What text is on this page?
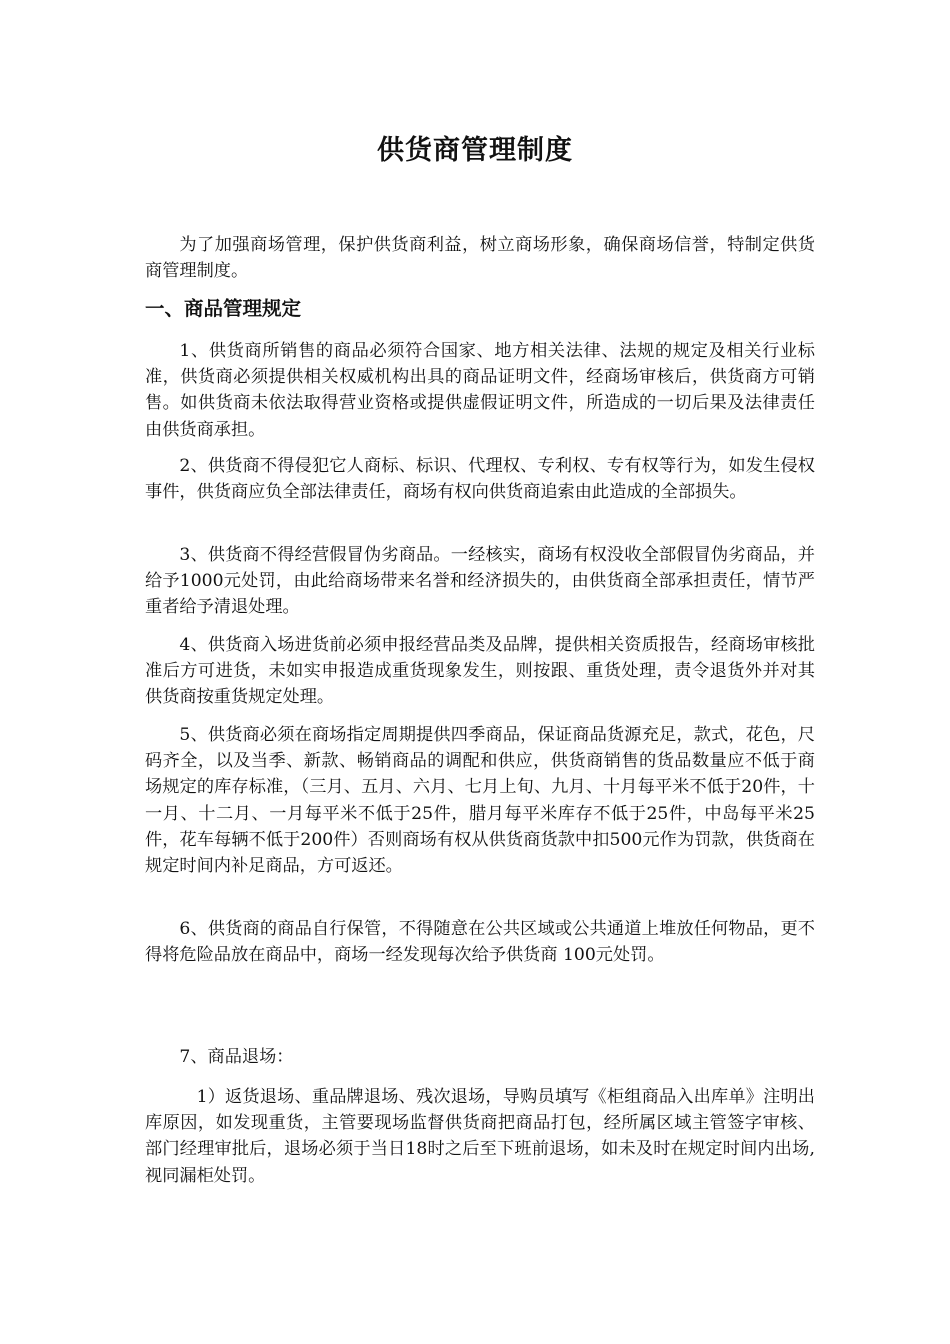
供货商管理制度

为了加强商场管理，保护供货商利益，树立商场形象，确保商场信誉，特制定供货商管理制度。

一、商品管理规定

1、供货商所销售的商品必须符合国家、地方相关法律、法规的规定及相关行业标准，供货商必须提供相关权威机构出具的商品证明文件，经商场审核后，供货商方可销售。如供货商未依法取得营业资格或提供虚假证明文件，所造成的一切后果及法律责任由供货商承担。

2、供货商不得侵犯它人商标、标识、代理权、专利权、专有权等行为，如发生侵权事件，供货商应负全部法律责任，商场有权向供货商追索由此造成的全部损失。

3、供货商不得经营假冒伪劣商品。一经核实，商场有权没收全部假冒伪劣商品，并给予1000元处罚，由此给商场带来名誉和经济损失的，由供货商全部承担责任，情节严重者给予清退处理。

4、供货商入场进货前必须申报经营品类及品牌，提供相关资质报告，经商场审核批准后方可进货，未如实申报造成重货现象发生，则按跟、重货处理，责令退货外并对其供货商按重货规定处理。

5、供货商必须在商场指定周期提供四季商品，保证商品货源充足，款式，花色，尺码齐全，以及当季、新款、畅销商品的调配和供应，供货商销售的货品数量应不低于商场规定的库存标准，（三月、五月、六月、七月上旬、九月、十月每平米不低于20件，十一月、十二月、一月每平米不低于25件，腊月每平米库存不低于25件，中岛每平米25件，花车每辆不低于200件）否则商场有权从供货商货款中扣500元作为罚款，供货商在规定时间内补足商品，方可返还。

6、供货商的商品自行保管，不得随意在公共区域或公共通道上堆放任何物品，更不得将危险品放在商品中，商场一经发现每次给予供货商 100元处罚。

7、商品退场：

1）返货退场、重品牌退场、残次退场，导购员填写《柜组商品入出库单》注明出库原因，如发现重货，主管要现场监督供货商把商品打包，经所属区域主管签字审核、部门经理审批后，退场必须于当日18时之后至下班前退场，如未及时在规定时间内出场,视同漏柜处罚。
